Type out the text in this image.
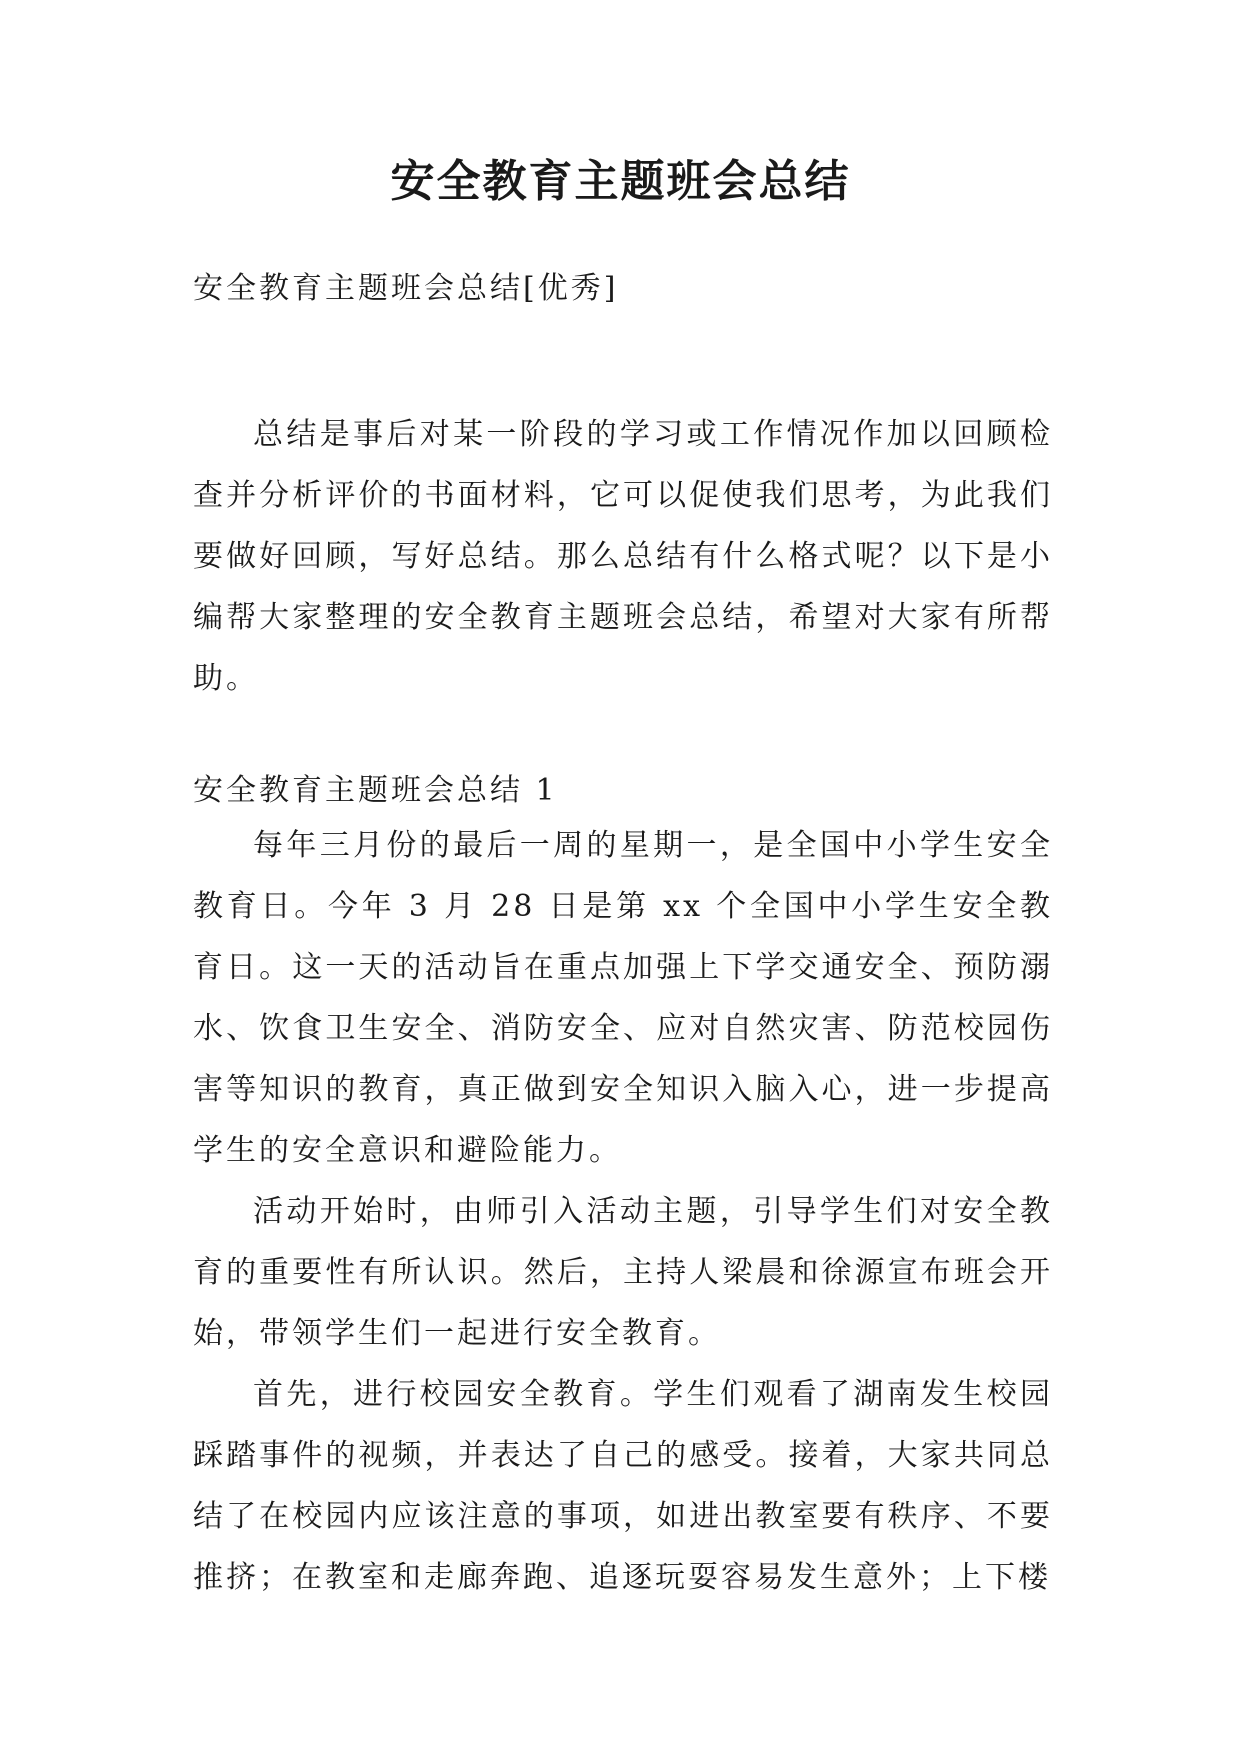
安全教育主题班会总结
安全教育主题班会总结[优秀]

总结是事后对某一阶段的学习或工作情况作加以回顾检查并分析评价的书面材料，它可以促使我们思考，为此我们要做好回顾，写好总结。那么总结有什么格式呢？以下是小编帮大家整理的安全教育主题班会总结，希望对大家有所帮助。

安全教育主题班会总结 1

每年三月份的最后一周的星期一，是全国中小学生安全教育日。今年 3 月 28 日是第 xx 个全国中小学生安全教育日。这一天的活动旨在重点加强上下学交通安全、预防溺水、饮食卫生安全、消防安全、应对自然灾害、防范校园伤害等知识的教育，真正做到安全知识入脑入心，进一步提高学生的安全意识和避险能力。

活动开始时，由师引入活动主题，引导学生们对安全教育的重要性有所认识。然后，主持人梁晨和徐源宣布班会开始，带领学生们一起进行安全教育。

首先，进行校园安全教育。学生们观看了湖南发生校园踩踏事件的视频，并表达了自己的感受。接着，大家共同总结了在校园内应该注意的事项，如进出教室要有秩序、不要推挤；在教室和走廊奔跑、追逐玩耍容易发生意外；上下楼
